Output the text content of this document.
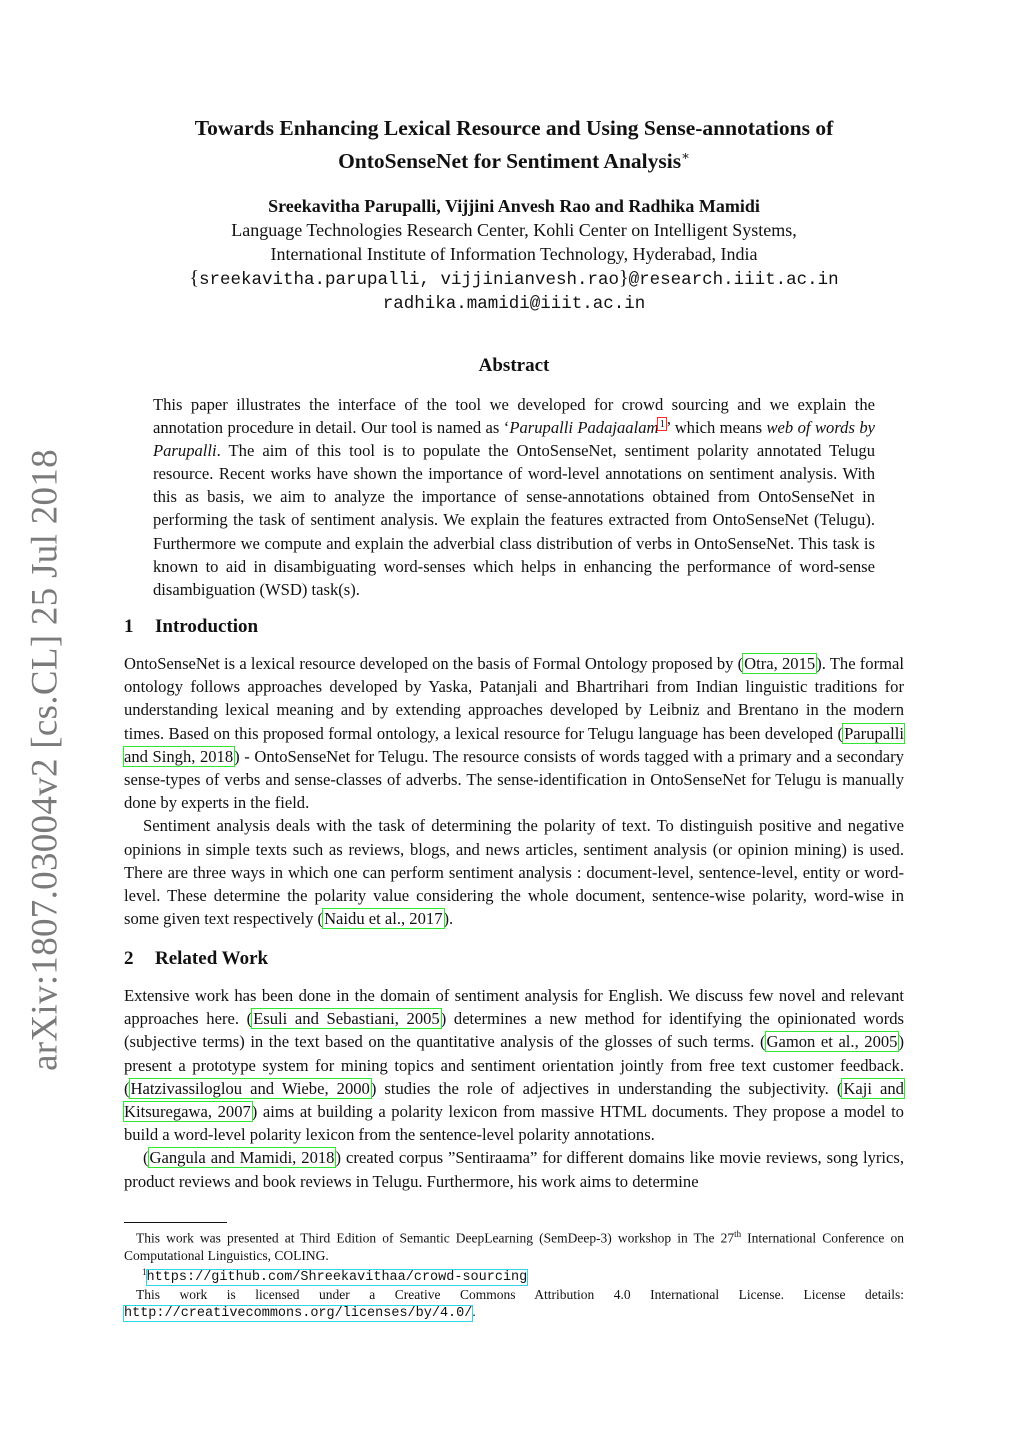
arXiv:1807.03004v2 [cs.CL] 25 Jul 2018
Towards Enhancing Lexical Resource and Using Sense-annotations of
OntoSenseNet for Sentiment Analysis∗
Sreekavitha Parupalli, Vijjini Anvesh Rao and Radhika Mamidi
Language Technologies Research Center, Kohli Center on Intelligent Systems,
International Institute of Information Technology, Hyderabad, India
{sreekavitha.parupalli, vijjinianvesh.rao}@research.iiit.ac.in
radhika.mamidi@iiit.ac.in
Abstract
This paper illustrates the interface of the tool we developed for crowd sourcing and we explain the annotation procedure in detail. Our tool is named as ‘Parupalli Padajaalam$^1$’ which means web of words by Parupalli. The aim of this tool is to populate the OntoSenseNet, sentiment polarity annotated Telugu resource. Recent works have shown the importance of word-level annotations on sentiment analysis. With this as basis, we aim to analyze the importance of sense-annotations obtained from OntoSenseNet in performing the task of sentiment analysis. We explain the features extracted from OntoSenseNet (Telugu). Furthermore we compute and explain the adverbial class distribution of verbs in OntoSenseNet. This task is known to aid in disambiguating word-senses which helps in enhancing the performance of word-sense disambiguation (WSD) task(s).
1 Introduction

OntoSenseNet is a lexical resource developed on the basis of Formal Ontology proposed by (Otra, 2015). The formal ontology follows approaches developed by Yaska, Patanjali and Bhartrihari from Indian linguistic traditions for understanding lexical meaning and by extending approaches developed by Leibniz and Brentano in the modern times. Based on this proposed formal ontology, a lexical resource for Telugu language has been developed (Parupalli and Singh, 2018) - OntoSenseNet for Telugu. The resource consists of words tagged with a primary and a secondary sense-types of verbs and sense-classes of adverbs. The sense-identification in OntoSenseNet for Telugu is manually done by experts in the field.

Sentiment analysis deals with the task of determining the polarity of text. To distinguish positive and negative opinions in simple texts such as reviews, blogs, and news articles, sentiment analysis (or opinion mining) is used. There are three ways in which one can perform sentiment analysis : document-level, sentence-level, entity or word-level. These determine the polarity value considering the whole document, sentence-wise polarity, word-wise in some given text respectively (Naidu et al., 2017).

2 Related Work

Extensive work has been done in the domain of sentiment analysis for English. We discuss few novel and relevant approaches here. (Esuli and Sebastiani, 2005) determines a new method for identifying the opinionated words (subjective terms) in the text based on the quantitative analysis of the glosses of such terms. (Gamon et al., 2005) present a prototype system for mining topics and sentiment orientation jointly from free text customer feedback. (Hatzivassiloglou and Wiebe, 2000) studies the role of adjectives in understanding the subjectivity. (Kaji and Kitsuregawa, 2007) aims at building a polarity lexicon from massive HTML documents. They propose a model to build a word-level polarity lexicon from the sentence-level polarity annotations.

(Gangula and Mamidi, 2018) created corpus ”Sentiraama” for different domains like movie reviews, song lyrics, product reviews and book reviews in Telugu. Furthermore, his work aims to determine

This work was presented at Third Edition of Semantic DeepLearning (SemDeep-3) workshop in The 27th International Conference on Computational Linguistics, COLING.

$^1$https://github.com/Shreekavithaa/crowd-sourcing

This work is licensed under a Creative Commons Attribution 4.0 International License. License details: http://creativecommons.org/licenses/by/4.0/.
